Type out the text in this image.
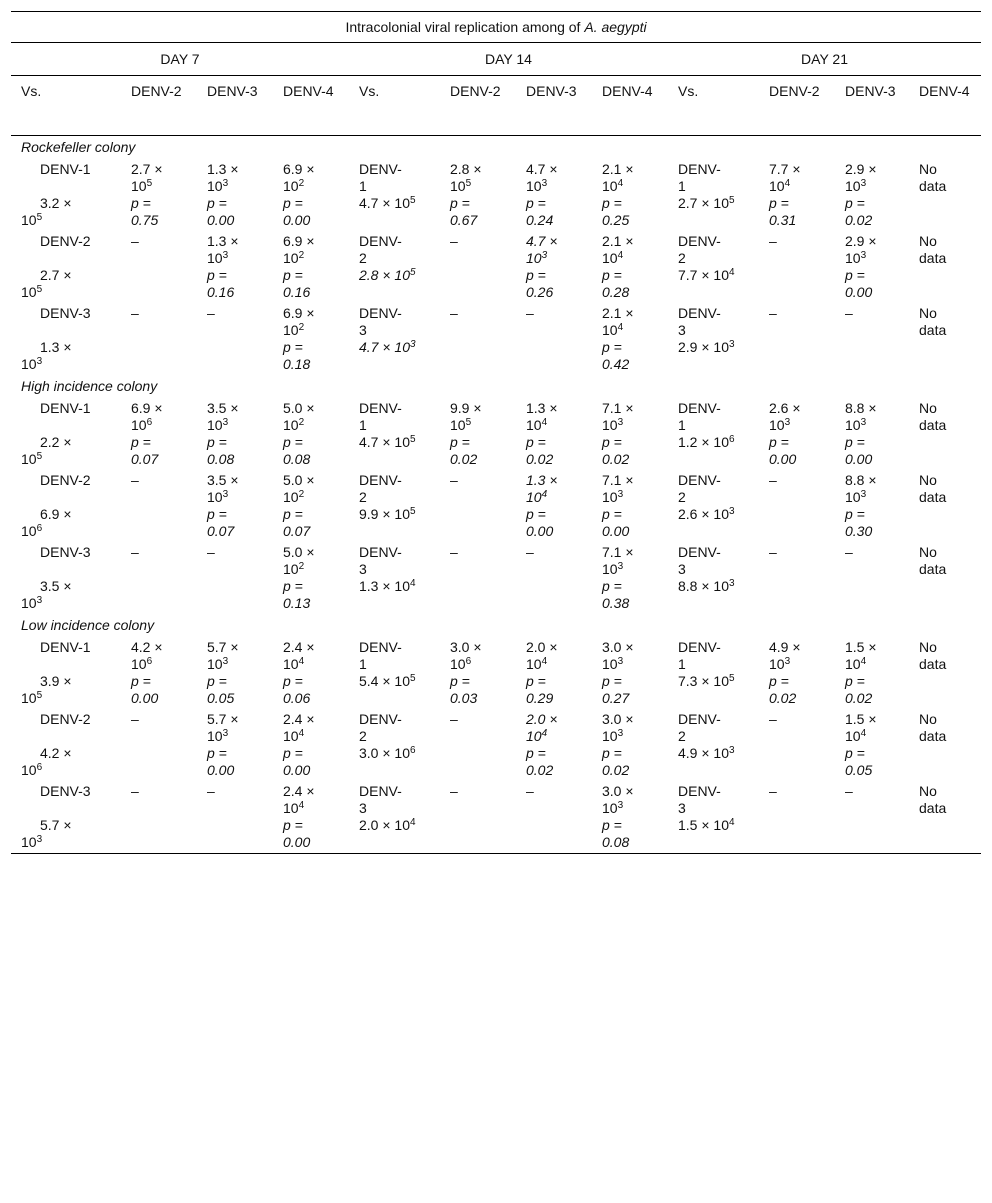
Intracolonial viral replication among of A. aegypti											
DAY 7				DAY 14				DAY 21			
Vs.	DENV-2	DENV-3	DENV-4	Vs.	DENV-2	DENV-3	DENV-4	Vs.	DENV-2	DENV-3	DENV-4
Rockefeller colony											

DENV-1	$2.7 \times 10^5$	$1.3 \times 10^3$	$6.9 \times 10^2$	DENV-1	$2.8 \times 10^5$	$4.7 \times 10^3$	$2.1 \times 10^4$	DENV-1	$7.7 \times 10^4$	$2.9 \times 10^3$	No data

$3.2 \times 10^5$	p = 0.75	p = 0.00	p = 0.00	$4.7 \times 10^5$	p = 0.67	p = 0.24	p = 0.25	$2.7 \times 10^5$	p = 0.31	p = 0.02	

DENV-2	–	$1.3 \times 10^3$	$6.9 \times 10^2$	DENV-2	–	$4.7 \times 10^3$	$2.1 \times 10^4$	DENV-2	–	$2.9 \times 10^3$	No data

$2.7 \times 10^5$		p = 0.16	p = 0.16	$2.8 \times 10^5$		p = 0.26	p = 0.28	$7.7 \times 10^4$		p = 0.00	

DENV-3	–	–	$6.9 \times 10^2$	DENV-3	–	–	$2.1 \times 10^4$	DENV-3	–	–	No data

$1.3 \times 10^3$			p = 0.18	$4.7 \times 10^3$			p = 0.42	$2.9 \times 10^3$

High incidence colony											

DENV-1	$6.9 \times 10^6$	$3.5 \times 10^3$	$5.0 \times 10^2$	DENV-1	$9.9 \times 10^5$	$1.3 \times 10^4$	$7.1 \times 10^3$	DENV-1	$2.6 \times 10^3$	$8.8 \times 10^3$	No data

$2.2 \times 10^5$	p = 0.07	p = 0.08	p = 0.08	$4.7 \times 10^5$	p = 0.02	p = 0.02	p = 0.02	$1.2 \times 10^6$	p = 0.00	p = 0.00	

DENV-2	–	$3.5 \times 10^3$	$5.0 \times 10^2$	DENV-2	–	$1.3 \times 10^4$	$7.1 \times 10^3$	DENV-2	–	$8.8 \times 10^3$	No data

$6.9 \times 10^6$		p = 0.07	p = 0.07	$9.9 \times 10^5$		p = 0.00	p = 0.00	$2.6 \times 10^3$		p = 0.30	

DENV-3	–	–	$5.0 \times 10^2$	DENV-3	–	–	$7.1 \times 10^3$	DENV-3	–	–	No data

$3.5 \times 10^3$			p = 0.13	$1.3 \times 10^4$			p = 0.38	$8.8 \times 10^3$

Low incidence colony											

DENV-1	$4.2 \times 10^6$	$5.7 \times 10^3$	$2.4 \times 10^4$	DENV-1	$3.0 \times 10^6$	$2.0 \times 10^4$	$3.0 \times 10^3$	DENV-1	$4.9 \times 10^3$	$1.5 \times 10^4$	No data

$3.9 \times 10^5$	p = 0.00	p = 0.05	p = 0.06	$5.4 \times 10^5$	p = 0.03	p = 0.29	p = 0.27	$7.3 \times 10^5$	p = 0.02	p = 0.02	

DENV-2	–	$5.7 \times 10^3$	$2.4 \times 10^4$	DENV-2	–	$2.0 \times 10^4$	$3.0 \times 10^3$	DENV-2	–	$1.5 \times 10^4$	No data

$4.2 \times 10^6$		p = 0.00	p = 0.00	$3.0 \times 10^6$		p = 0.02	p = 0.02	$4.9 \times 10^3$		p = 0.05	

DENV-3	–	–	$2.4 \times 10^4$	DENV-3	–	–	$3.0 \times 10^3$	DENV-3	–	–	No data

$5.7 \times 10^3$			p = 0.00	$2.0 \times 10^4$			p = 0.08	$1.5 \times 10^4$
